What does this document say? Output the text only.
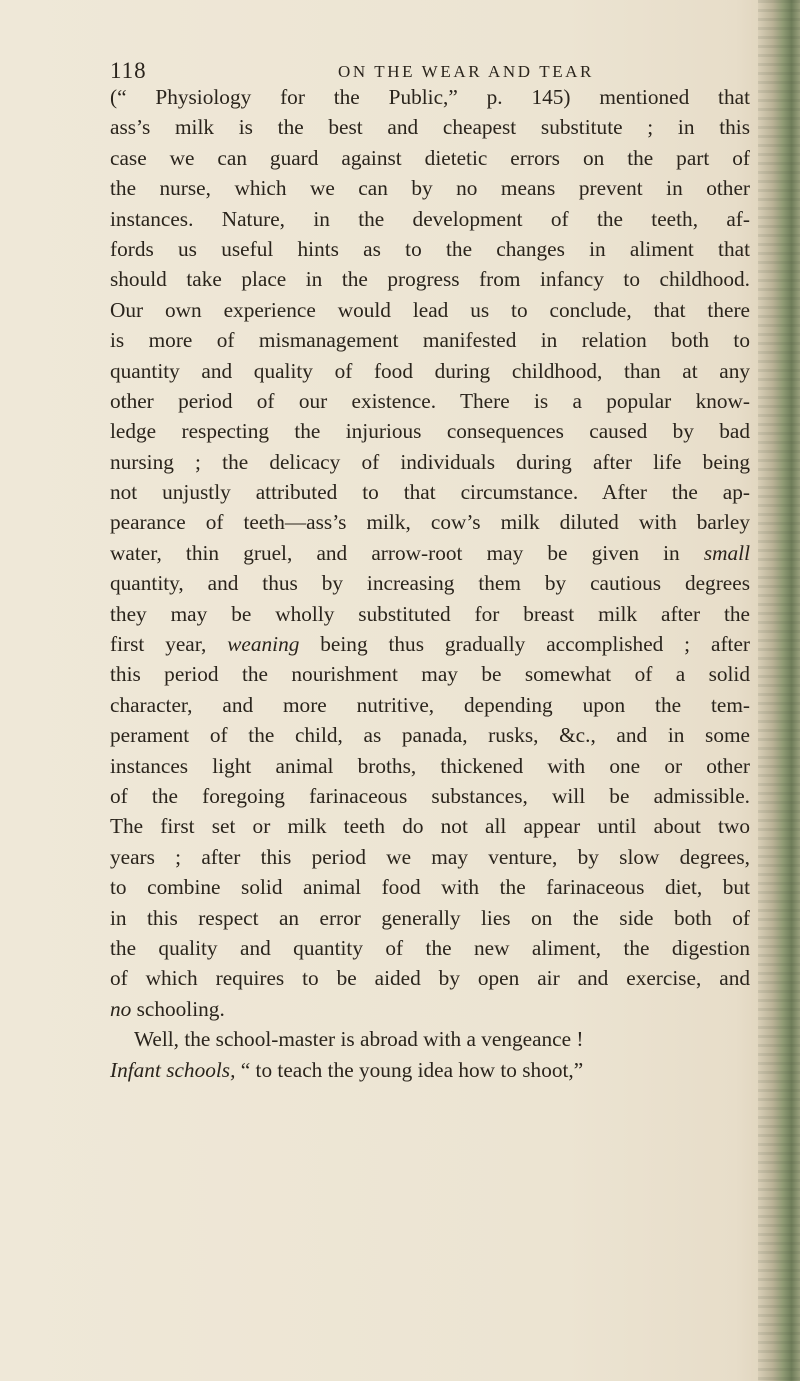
118	ON THE WEAR AND TEAR
(“ Physiology for the Public,” p. 145) mentioned that
ass’s milk is the best and cheapest substitute ; in this
case we can guard against dietetic errors on the part of
the nurse, which we can by no means prevent in other
instances. Nature, in the development of the teeth, af-
fords us useful hints as to the changes in aliment that
should take place in the progress from infancy to childhood.
Our own experience would lead us to conclude, that there
is more of mismanagement manifested in relation both to
quantity and quality of food during childhood, than at any
other period of our existence. There is a popular know-
ledge respecting the injurious consequences caused by bad
nursing ; the delicacy of individuals during after life being
not unjustly attributed to that circumstance. After the ap-
pearance of teeth—ass’s milk, cow’s milk diluted with barley
water, thin gruel, and arrow-root may be given in small
quantity, and thus by increasing them by cautious degrees
they may be wholly substituted for breast milk after the
first year, weaning being thus gradually accomplished ; after
this period the nourishment may be somewhat of a solid
character, and more nutritive, depending upon the tem-
perament of the child, as panada, rusks, &c., and in some
instances light animal broths, thickened with one or other
of the foregoing farinaceous substances, will be admissible.
The first set or milk teeth do not all appear until about two
years ; after this period we may venture, by slow degrees,
to combine solid animal food with the farinaceous diet, but
in this respect an error generally lies on the side both of
the quality and quantity of the new aliment, the digestion
of which requires to be aided by open air and exercise, and
no schooling.
Well, the school-master is abroad with a vengeance !
Infant schools, “ to teach the young idea how to shoot,”
